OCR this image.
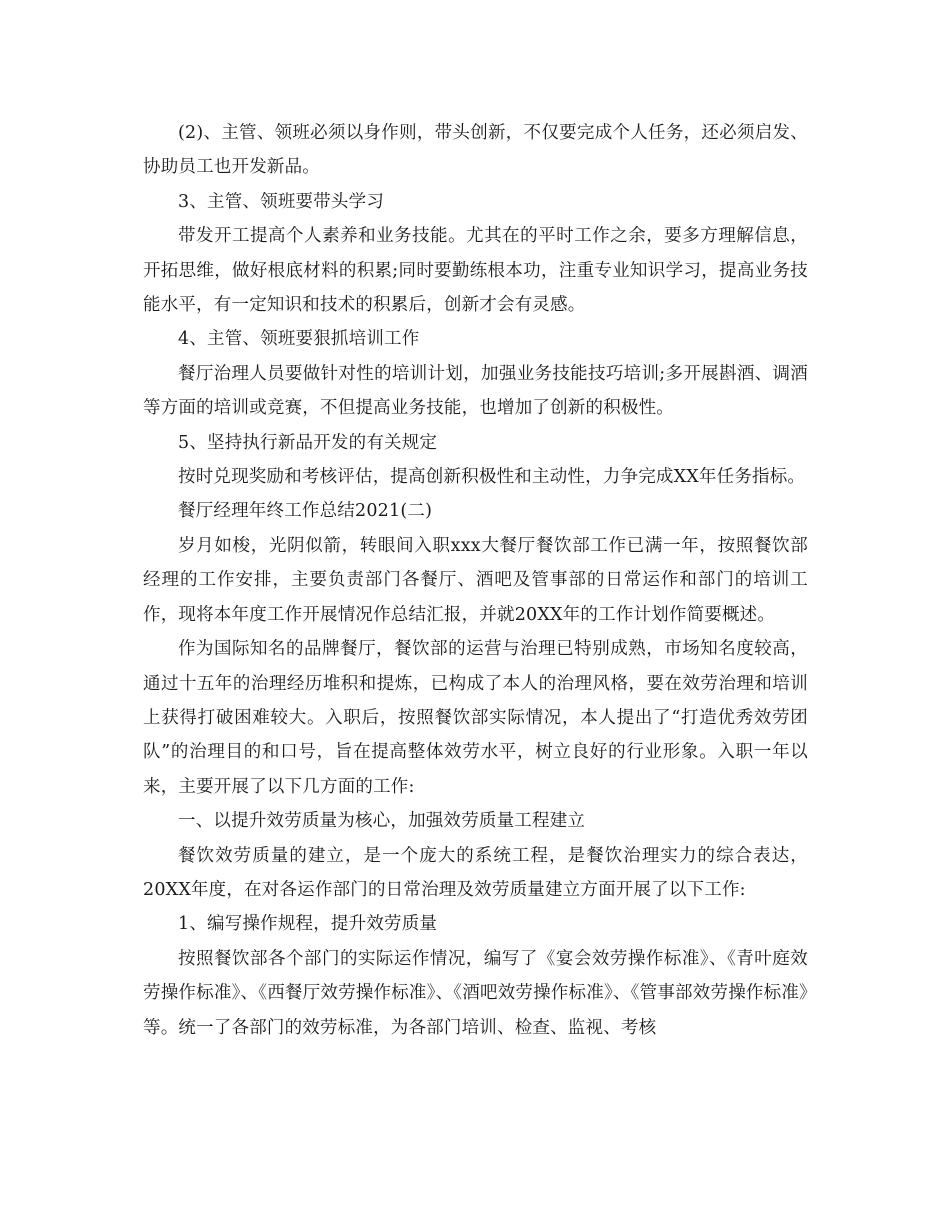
(2)、主管、领班必须以身作则，带头创新，不仅要完成个人任务，还必须启发、协助员工也开发新品。

3、主管、领班要带头学习

带发开工提高个人素养和业务技能。尤其在的平时工作之余，要多方理解信息，开拓思维，做好根底材料的积累;同时要勤练根本功，注重专业知识学习，提高业务技能水平，有一定知识和技术的积累后，创新才会有灵感。

4、主管、领班要狠抓培训工作

餐厅治理人员要做针对性的培训计划，加强业务技能技巧培训;多开展斟酒、调酒等方面的培训或竞赛，不但提高业务技能，也增加了创新的积极性。

5、坚持执行新品开发的有关规定

按时兑现奖励和考核评估，提高创新积极性和主动性，力争完成XX年任务指标。

餐厅经理年终工作总结2021(二)

岁月如梭，光阴似箭，转眼间入职xxx大餐厅餐饮部工作已满一年，按照餐饮部经理的工作安排，主要负责部门各餐厅、酒吧及管事部的日常运作和部门的培训工作，现将本年度工作开展情况作总结汇报，并就20XX年的工作计划作简要概述。

作为国际知名的品牌餐厅，餐饮部的运营与治理已特别成熟，市场知名度较高，通过十五年的治理经历堆积和提炼，已构成了本人的治理风格，要在效劳治理和培训上获得打破困难较大。入职后，按照餐饮部实际情况，本人提出了“打造优秀效劳团队”的治理目的和口号，旨在提高整体效劳水平，树立良好的行业形象。入职一年以来，主要开展了以下几方面的工作:

一、以提升效劳质量为核心，加强效劳质量工程建立

餐饮效劳质量的建立，是一个庞大的系统工程，是餐饮治理实力的综合表达，20XX年度，在对各运作部门的日常治理及效劳质量建立方面开展了以下工作:

1、编写操作规程，提升效劳质量

按照餐饮部各个部门的实际运作情况，编写了《宴会效劳操作标准》、《青叶庭效劳操作标准》、《西餐厅效劳操作标准》、《酒吧效劳操作标准》、《管事部效劳操作标准》等。统一了各部门的效劳标准，为各部门培训、检查、监视、考核
